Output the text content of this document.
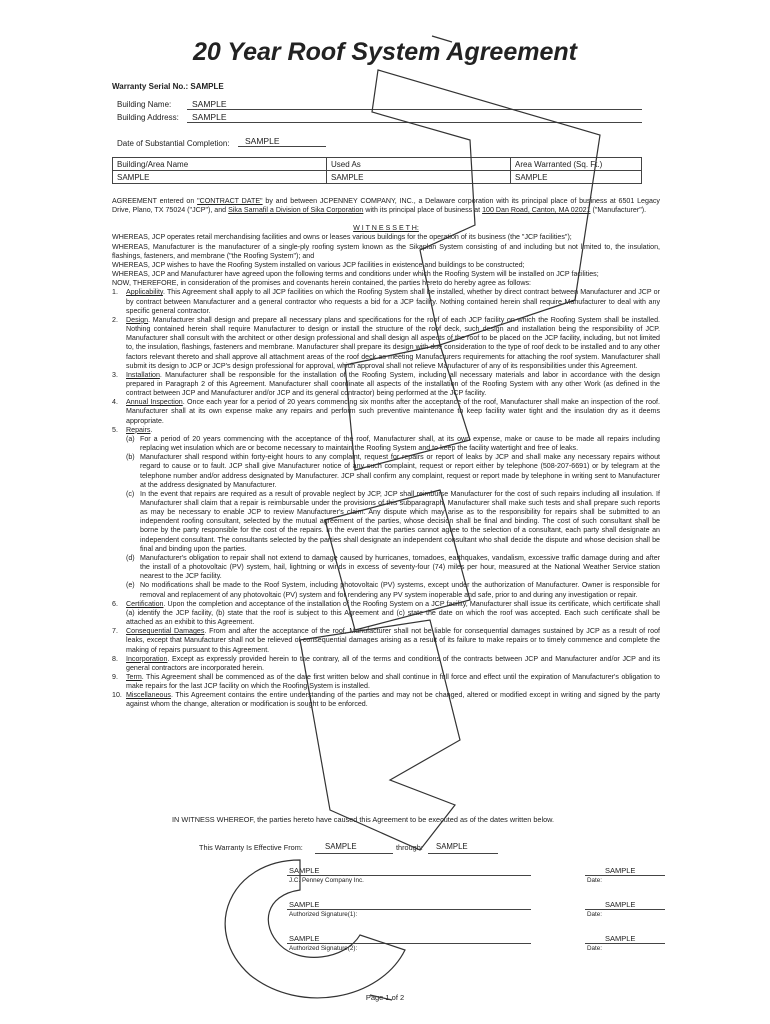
20 Year Roof System Agreement
Warranty Serial No.: SAMPLE
Building Name: SAMPLE
Building Address: SAMPLE
Date of Substantial Completion: SAMPLE
Building/Area Name	Used As	Area Warranted (Sq. Ft.)
SAMPLE	SAMPLE	SAMPLE

AGREEMENT entered on "CONTRACT DATE" by and between JCPENNEY COMPANY, INC., a Delaware corporation with its principal place of business at 6501 Legacy Drive, Plano, TX 75024 ("JCP"), and Sika Sarnafil a Division of Sika Corporation with its principal place of business at 100 Dan Road, Canton, MA 02021 ("Manufacturer").

W I T N E S S E T H:

WHEREAS, JCP operates retail merchandising facilities and owns or leases various buildings for the operation of its business (the "JCP facilities");

WHEREAS, Manufacturer is the manufacturer of a single-ply roofing system known as the Sikaplan System consisting of and including but not limited to, the insulation, flashings, fasteners, and membrane ("the Roofing System"); and

WHEREAS, JCP wishes to have the Roofing System installed on various JCP facilities in existence and buildings to be constructed;

WHEREAS, JCP and Manufacturer have agreed upon the following terms and conditions under which the Roofing System will be installed on JCP facilities;

NOW, THEREFORE, in consideration of the promises and covenants herein contained, the parties hereto do hereby agree as follows:

1.	Applicability. This Agreement shall apply to all JCP facilities on which the Roofing System shall be installed, whether by direct contract between Manufacturer and JCP or by contract between Manufacturer and a general contractor who requests a bid for a JCP facility. Nothing contained herein shall require Manufacturer to deal with any specific general contractor.
2.	Design. Manufacturer shall design and prepare all necessary plans and specifications for the roof of each JCP facility on which the Roofing System shall be installed. Nothing contained herein shall require Manufacturer to design or install the structure of the roof deck, such design and installation being the responsibility of JCP. Manufacturer shall consult with the architect or other design professional and shall design all aspects of the roof to be placed on the JCP facility, including, but not limited to, the insulation, flashings, fasteners and membrane. Manufacturer shall prepare its design with due consideration to the type of roof deck to be installed and to any other factors relevant thereto and shall approve all attachment areas of the roof deck as meeting Manufacturers requirements for attaching the roof system. Manufacturer shall submit its design to JCP or JCP's design professional for approval, which approval shall not relieve Manufacturer of any of its responsibilities under this Agreement.
3.	Installation. Manufacturer shall be responsible for the installation of the Roofing System, including all necessary materials and labor in accordance with the design prepared in Paragraph 2 of this Agreement. Manufacturer shall coordinate all aspects of the installation of the Roofing System with any other Work (as defined in the contract between JCP and Manufacturer and/or JCP and its general contractor) being performed at the JCP facility.
4.	Annual Inspection. Once each year for a period of 20 years commencing six months after the acceptance of the roof, Manufacturer shall make an inspection of the roof. Manufacturer shall at its own expense make any repairs and perform such preventive maintenance to keep facility water tight and the insulation dry as it deems appropriate.
5.	Repairs.
(a) For a period of 20 years commencing with the acceptance of the roof, Manufacturer shall, at its own expense, make or cause to be made all repairs including replacing wet insulation which are or become necessary to maintain the Roofing System and to keep the facility watertight and free of leaks.
(b) Manufacturer shall respond within forty-eight hours to any complaint, request for repairs or report of leaks by JCP and shall make any necessary repairs without regard to cause or to fault. JCP shall give Manufacturer notice of any such complaint, request or report either by telephone (508-207-6691) or by telegram at the telephone number and/or address designated by Manufacturer. JCP shall confirm any complaint, request or report made by telephone in writing sent to Manufacturer at the address designated by Manufacturer.
(c) In the event that repairs are required as a result of provable neglect by JCP, JCP shall reimburse Manufacturer for the cost of such repairs including all insulation. If Manufacturer shall claim that a repair is reimbursable under the provisions of this subparagraph, Manufacturer shall make such tests and shall prepare such reports as may be necessary to enable JCP to review Manufacturer's claim. Any dispute which may arise as to the responsibility for repairs shall be submitted to an independent roofing consultant, selected by the mutual agreement of the parties, whose decision shall be final and binding. The cost of such consultant shall be borne by the party responsible for the cost of the repairs. In the event that the parties cannot agree to the selection of a consultant, each party shall designate an independent consultant. The consultants selected by the parties shall designate an independent consultant who shall decide the dispute and whose decision shall be final and binding upon the parties.
(d) Manufacturer's obligation to repair shall not extend to damage caused by hurricanes, tornadoes, earthquakes, vandalism, excessive traffic damage during and after the install of a photovoltaic (PV) system, hail, lightning or winds in excess of seventy-four (74) miles per hour, measured at the National Weather Service station nearest to the JCP facility.
(e) No modifications shall be made to the Roof System, including photovoltaic (PV) systems, except under the authorization of Manufacturer. Owner is responsible for removal and replacement of any photovoltaic (PV) system and for rendering any PV system inoperable and safe, prior to and during any investigation or repair.
6.	Certification. Upon the completion and acceptance of the installation of the Roofing System on a JCP facility, Manufacturer shall issue its certificate, which certificate shall (a) identify the JCP facility, (b) state that the roof is subject to this Agreement and (c) state the date on which the roof was accepted. Each such certificate shall be attached as an exhibit to this Agreement.
7.	Consequential Damages. From and after the acceptance of the roof, Manufacturer shall not be liable for consequential damages sustained by JCP as a result of roof leaks, except that Manufacturer shall not be relieved of consequential damages arising as a result of its failure to make repairs or to timely commence and complete the making of repairs pursuant to this Agreement.
8.	Incorporation. Except as expressly provided herein to the contrary, all of the terms and conditions of the contracts between JCP and Manufacturer and/or JCP and its general contractors are incorporated herein.
9.	Term. This Agreement shall be commenced as of the date first written below and shall continue in full force and effect until the expiration of Manufacturer's obligation to make repairs for the last JCP facility on which the Roofing System is installed.
10. Miscellaneous. This Agreement contains the entire understanding of the parties and may not be changed, altered or modified except in writing and signed by the party against whom the change, alteration or modification is sought to be enforced.
IN WITNESS WHEREOF, the parties hereto have caused this Agreement to be executed as of the dates written below.
This Warranty Is Effective From:	SAMPLE	through: SAMPLE
SAMPLE
J.C. Penney Company Inc.
SAMPLE
Date:
SAMPLE
Authorized Signature(1):
SAMPLE
Date:
SAMPLE
Authorized Signature(2):
SAMPLE
Date:
Page 1 of 2
